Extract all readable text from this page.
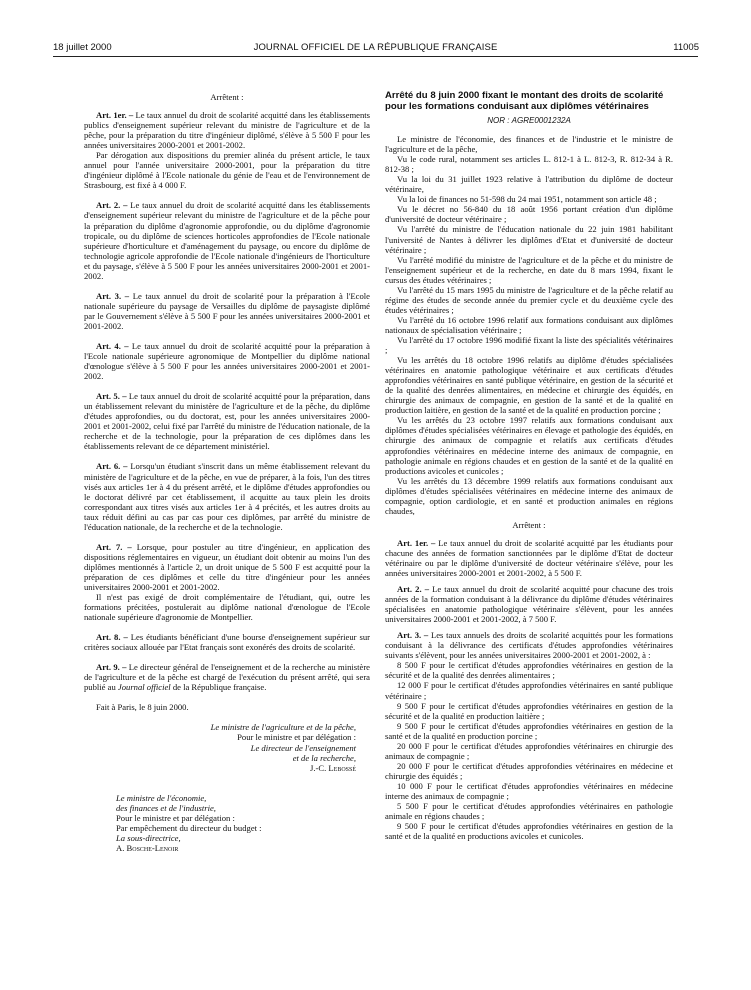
18 juillet 2000	JOURNAL OFFICIEL DE LA RÉPUBLIQUE FRANÇAISE	11005

Arrêtent :

Art. 1er. – Le taux annuel du droit de scolarité acquitté dans les établissements publics d'enseignement supérieur relevant du ministre de l'agriculture et de la pêche, pour la préparation du titre d'ingénieur diplômé, s'élève à 5 500 F pour les années universitaires 2000-2001 et 2001-2002.

Par dérogation aux dispositions du premier alinéa du présent article, le taux annuel pour l'année universitaire 2000-2001, pour la préparation du titre d'ingénieur diplômé à l'Ecole nationale du génie de l'eau et de l'environnement de Strasbourg, est fixé à 4 000 F.

Art. 2. – Le taux annuel du droit de scolarité acquitté dans les établissements d'enseignement supérieur relevant du ministre de l'agriculture et de la pêche pour la préparation du diplôme d'agronomie approfondie, ou du diplôme d'agronomie tropicale, ou du diplôme de sciences horticoles approfondies de l'Ecole nationale supérieure d'horticulture et d'aménagement du paysage, ou encore du diplôme de technologie agricole approfondie de l'Ecole nationale d'ingénieurs de l'horticulture et du paysage, s'élève à 5 500 F pour les années universitaires 2000-2001 et 2001-2002.

Art. 3. – Le taux annuel du droit de scolarité pour la préparation à l'Ecole nationale supérieure du paysage de Versailles du diplôme de paysagiste diplômé par le Gouvernement s'élève à 5 500 F pour les années universitaires 2000-2001 et 2001-2002.

Art. 4. – Le taux annuel du droit de scolarité acquitté pour la préparation à l'Ecole nationale supérieure agronomique de Montpellier du diplôme national d'œnologue s'élève à 5 500 F pour les années universitaires 2000-2001 et 2001-2002.

Art. 5. – Le taux annuel du droit de scolarité acquitté pour la préparation, dans un établissement relevant du ministère de l'agriculture et de la pêche, du diplôme d'études approfondies, ou du doctorat, est, pour les années universitaires 2000-2001 et 2001-2002, celui fixé par l'arrêté du ministre de l'éducation nationale, de la recherche et de la technologie, pour la préparation de ces diplômes dans les établissements relevant de ce département ministériel.

Art. 6. – Lorsqu'un étudiant s'inscrit dans un même établissement relevant du ministère de l'agriculture et de la pêche, en vue de préparer, à la fois, l'un des titres visés aux articles 1er à 4 du présent arrêté, et le diplôme d'études approfondies ou le doctorat délivré par cet établissement, il acquitte au taux plein les droits correspondant aux titres visés aux articles 1er à 4 précités, et les autres droits au taux réduit défini au cas par cas pour ces diplômes, par arrêté du ministre de l'éducation nationale, de la recherche et de la technologie.

Art. 7. – Lorsque, pour postuler au titre d'ingénieur, en application des dispositions réglementaires en vigueur, un étudiant doit obtenir au moins l'un des diplômes mentionnés à l'article 2, un droit unique de 5 500 F est acquitté pour la préparation de ces diplômes et celle du titre d'ingénieur pour les années universitaires 2000-2001 et 2001-2002.

Il n'est pas exigé de droit complémentaire de l'étudiant, qui, outre les formations précitées, postulerait au diplôme national d'œnologue de l'Ecole nationale supérieure d'agronomie de Montpellier.

Art. 8. – Les étudiants bénéficiant d'une bourse d'enseignement supérieur sur critères sociaux allouée par l'Etat français sont exonérés des droits de scolarité.

Art. 9. – Le directeur général de l'enseignement et de la recherche au ministère de l'agriculture et de la pêche est chargé de l'exécution du présent arrêté, qui sera publié au Journal officiel de la République française.

Fait à Paris, le 8 juin 2000.

Le ministre de l'agriculture et de la pêche,
Pour le ministre et par délégation :
Le directeur de l'enseignement
et de la recherche,
J.-C. Lebossé

Le ministre de l'économie,
des finances et de l'industrie,
Pour le ministre et par délégation :
Par empêchement du directeur du budget :
La sous-directrice,
A. Bosche-Lenoir

Arrêté du 8 juin 2000 fixant le montant des droits de scolarité pour les formations conduisant aux diplômes vétérinaires

NOR : AGRE0001232A

Le ministre de l'économie, des finances et de l'industrie et le ministre de l'agriculture et de la pêche,

Vu le code rural, notamment ses articles L. 812-1 à L. 812-3, R. 812-34 à R. 812-38 ;

Vu la loi du 31 juillet 1923 relative à l'attribution du diplôme de docteur vétérinaire,

Vu la loi de finances no 51-598 du 24 mai 1951, notamment son article 48 ;

Vu le décret no 56-840 du 18 août 1956 portant création d'un diplôme d'université de docteur vétérinaire ;

Vu l'arrêté du ministre de l'éducation nationale du 22 juin 1981 habilitant l'université de Nantes à délivrer les diplômes d'Etat et d'université de docteur vétérinaire ;

Vu l'arrêté modifié du ministre de l'agriculture et de la pêche et du ministre de l'enseignement supérieur et de la recherche, en date du 8 mars 1994, fixant le cursus des études vétérinaires ;

Vu l'arrêté du 15 mars 1995 du ministre de l'agriculture et de la pêche relatif au régime des études de seconde année du premier cycle et du deuxième cycle des études vétérinaires ;

Vu l'arrêté du 16 octobre 1996 relatif aux formations conduisant aux diplômes nationaux de spécialisation vétérinaire ;

Vu l'arrêté du 17 octobre 1996 modifié fixant la liste des spécialités vétérinaires ;

Vu les arrêtés du 18 octobre 1996 relatifs au diplôme d'études spécialisées vétérinaires en anatomie pathologique vétérinaire et aux certificats d'études approfondies vétérinaires en santé publique vétérinaire, en gestion de la sécurité et de la qualité des denrées alimentaires, en médecine et chirurgie des équidés, en chirurgie des animaux de compagnie, en gestion de la santé et de la qualité en production laitière, en gestion de la santé et de la qualité en production porcine ;

Vu les arrêtés du 23 octobre 1997 relatifs aux formations conduisant aux diplômes d'études spécialisées vétérinaires en élevage et pathologie des équidés, en chirurgie des animaux de compagnie et relatifs aux certificats d'études approfondies vétérinaires en médecine interne des animaux de compagnie, en pathologie animale en régions chaudes et en gestion de la santé et de la qualité en productions avicoles et cunicoles ;

Vu les arrêtés du 13 décembre 1999 relatifs aux formations conduisant aux diplômes d'études spécialisées vétérinaires en médecine interne des animaux de compagnie, option cardiologie, et en santé et production animales en régions chaudes,

Arrêtent :

Art. 1er. – Le taux annuel du droit de scolarité acquitté par les étudiants pour chacune des années de formation sanctionnées par le diplôme d'Etat de docteur vétérinaire ou par le diplôme d'université de docteur vétérinaire s'élève, pour les années universitaires 2000-2001 et 2001-2002, à 5 500 F.

Art. 2. – Le taux annuel du droit de scolarité acquitté pour chacune des trois années de la formation conduisant à la délivrance du diplôme d'études vétérinaires spécialisées en anatomie pathologique vétérinaire s'élèvent, pour les années universitaires 2000-2001 et 2001-2002, à 7 500 F.

Art. 3. – Les taux annuels des droits de scolarité acquittés pour les formations conduisant à la délivrance des certificats d'études approfondies vétérinaires suivants s'élèvent, pour les années universitaires 2000-2001 et 2001-2002, à :

8 500 F pour le certificat d'études approfondies vétérinaires en gestion de la sécurité et de la qualité des denrées alimentaires ;

12 000 F pour le certificat d'études approfondies vétérinaires en santé publique vétérinaire ;

9 500 F pour le certificat d'études approfondies vétérinaires en gestion de la sécurité et de la qualité en production laitière ;

9 500 F pour le certificat d'études approfondies vétérinaires en gestion de la santé et de la qualité en production porcine ;

20 000 F pour le certificat d'études approfondies vétérinaires en chirurgie des animaux de compagnie ;

20 000 F pour le certificat d'études approfondies vétérinaires en médecine et chirurgie des équidés ;

10 000 F pour le certificat d'études approfondies vétérinaires en médecine interne des animaux de compagnie ;

5 500 F pour le certificat d'études approfondies vétérinaires en pathologie animale en régions chaudes ;

9 500 F pour le certificat d'études approfondies vétérinaires en gestion de la santé et de la qualité en productions avicoles et cunicoles.
